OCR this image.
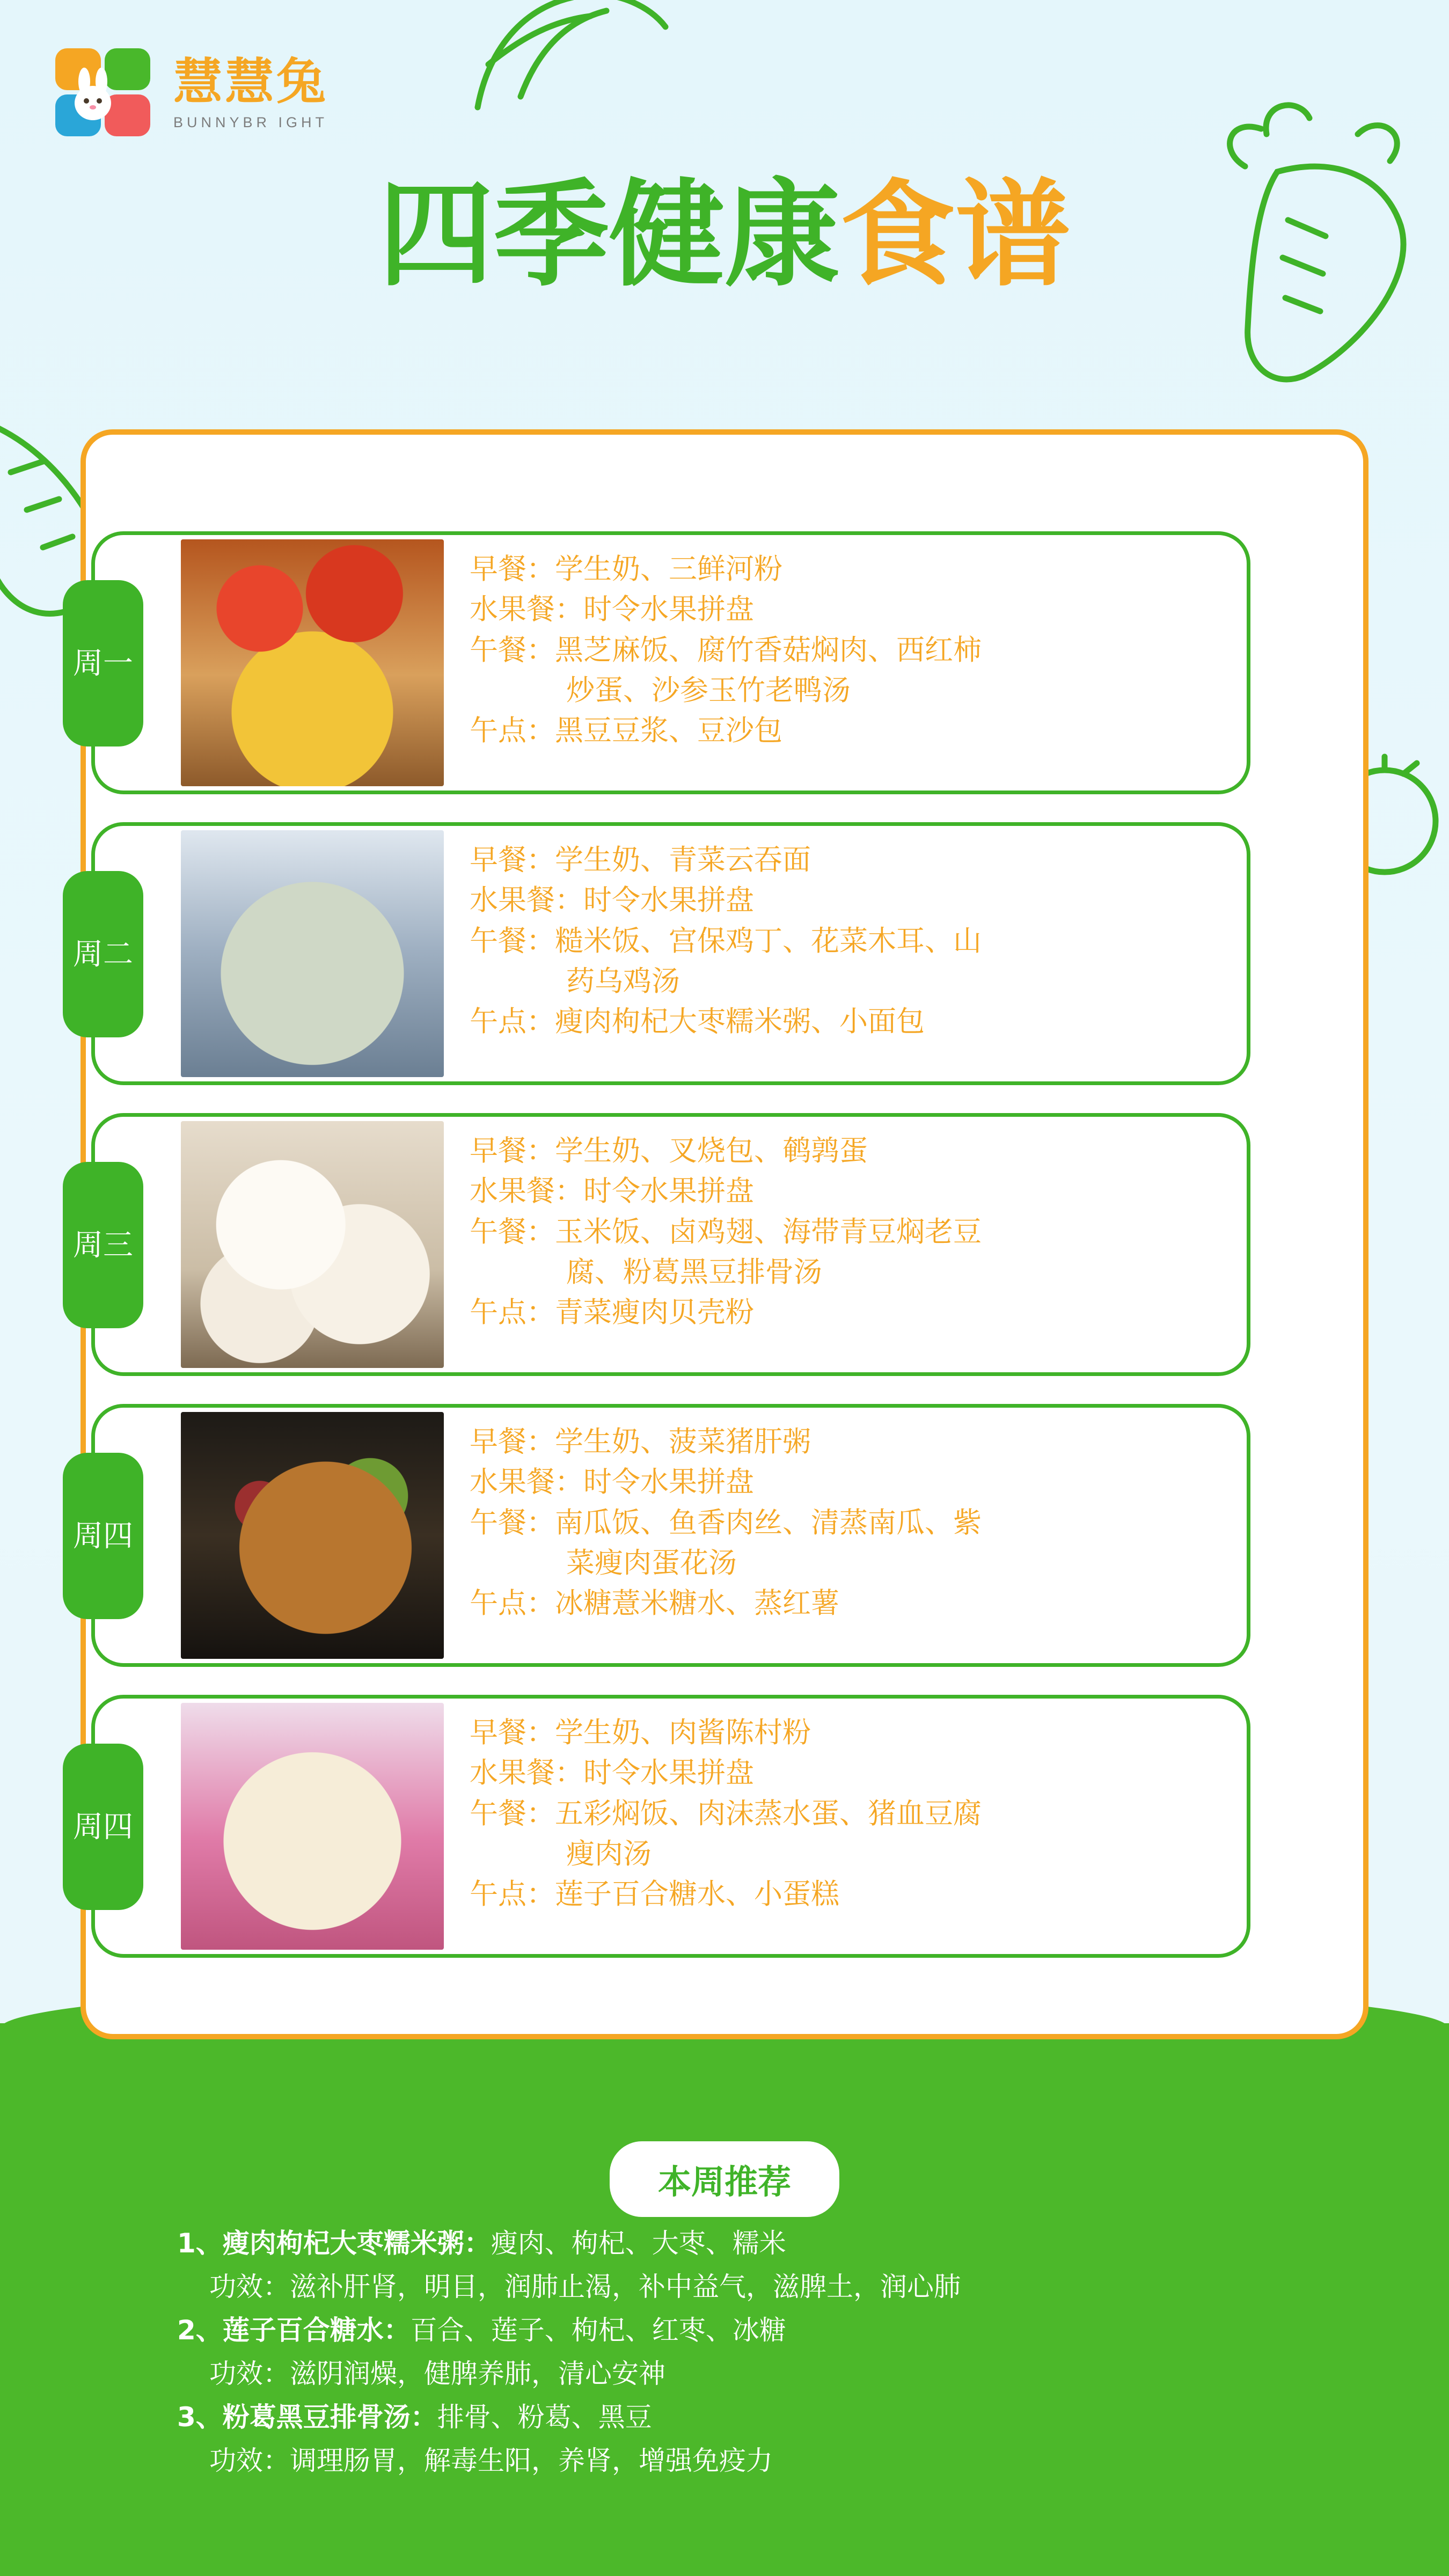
慧慧兔
BUNNYBR IGHT
四季健康食谱
周一
早餐：学生奶、三鲜河粉
水果餐：时令水果拼盘
午餐：黑芝麻饭、腐竹香菇焖肉、西红柿
炒蛋、沙参玉竹老鸭汤
午点：黑豆豆浆、豆沙包
周二
早餐：学生奶、青菜云吞面
水果餐：时令水果拼盘
午餐：糙米饭、宫保鸡丁、花菜木耳、山
药乌鸡汤
午点：瘦肉枸杞大枣糯米粥、小面包
周三
早餐：学生奶、叉烧包、鹌鹑蛋
水果餐：时令水果拼盘
午餐：玉米饭、卤鸡翅、海带青豆焖老豆
腐、粉葛黑豆排骨汤
午点：青菜瘦肉贝壳粉
周四
早餐：学生奶、菠菜猪肝粥
水果餐：时令水果拼盘
午餐：南瓜饭、鱼香肉丝、清蒸南瓜、紫
菜瘦肉蛋花汤
午点：冰糖薏米糖水、蒸红薯
周四
早餐：学生奶、肉酱陈村粉
水果餐：时令水果拼盘
午餐：五彩焖饭、肉沫蒸水蛋、猪血豆腐
瘦肉汤
午点：莲子百合糖水、小蛋糕
本周推荐
1、瘦肉枸杞大枣糯米粥：瘦肉、枸杞、大枣、糯米
功效：滋补肝肾，明目，润肺止渴，补中益气，滋脾土，润心肺
2、莲子百合糖水：百合、莲子、枸杞、红枣、冰糖
功效：滋阴润燥，健脾养肺，清心安神
3、粉葛黑豆排骨汤：排骨、粉葛、黑豆
功效：调理肠胃，解毒生阳，养肾，增强免疫力
